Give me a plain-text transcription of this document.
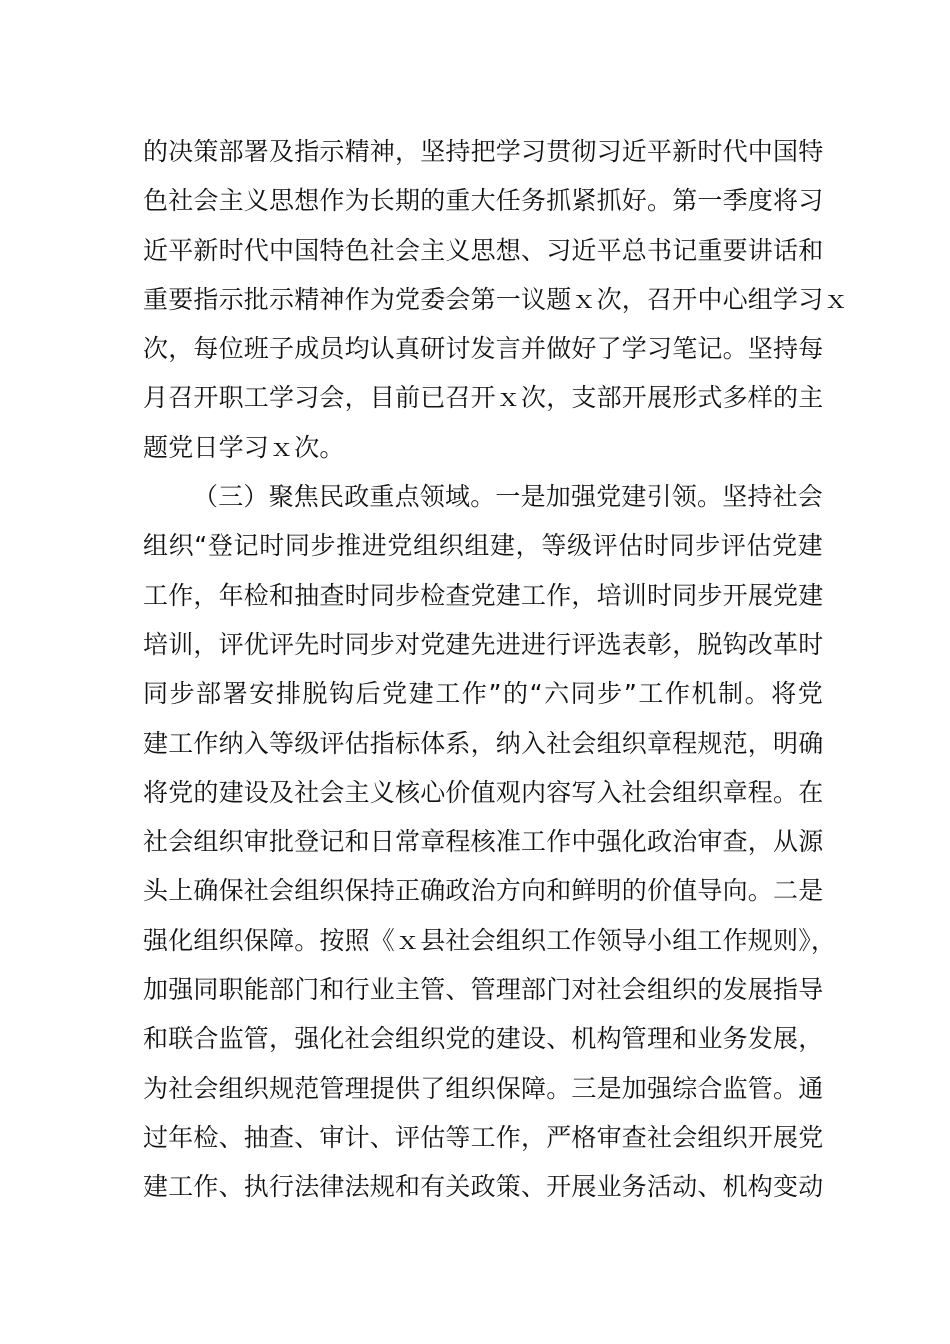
的决策部署及指示精神，坚持把学习贯彻习近平新时代中国特
色社会主义思想作为长期的重大任务抓紧抓好。第一季度将习
近平新时代中国特色社会主义思想、习近平总书记重要讲话和
重要指示批示精神作为党委会第一议题ｘ次，召开中心组学习ｘ
次，每位班子成员均认真研讨发言并做好了学习笔记。坚持每
月召开职工学习会，目前已召开ｘ次，支部开展形式多样的主
题党日学习ｘ次。
（三）聚焦民政重点领域。一是加强党建引领。坚持社会
组织“登记时同步推进党组织组建，等级评估时同步评估党建
工作，年检和抽查时同步检查党建工作，培训时同步开展党建
培训，评优评先时同步对党建先进进行评选表彰，脱钩改革时
同步部署安排脱钩后党建工作”的“六同步”工作机制。将党
建工作纳入等级评估指标体系，纳入社会组织章程规范，明确
将党的建设及社会主义核心价值观内容写入社会组织章程。在
社会组织审批登记和日常章程核准工作中强化政治审查，从源
头上确保社会组织保持正确政治方向和鲜明的价值导向。二是
强化组织保障。按照《ｘ县社会组织工作领导小组工作规则》，
加强同职能部门和行业主管、管理部门对社会组织的发展指导
和联合监管，强化社会组织党的建设、机构管理和业务发展，
为社会组织规范管理提供了组织保障。三是加强综合监管。通
过年检、抽查、审计、评估等工作，严格审查社会组织开展党
建工作、执行法律法规和有关政策、开展业务活动、机构变动
